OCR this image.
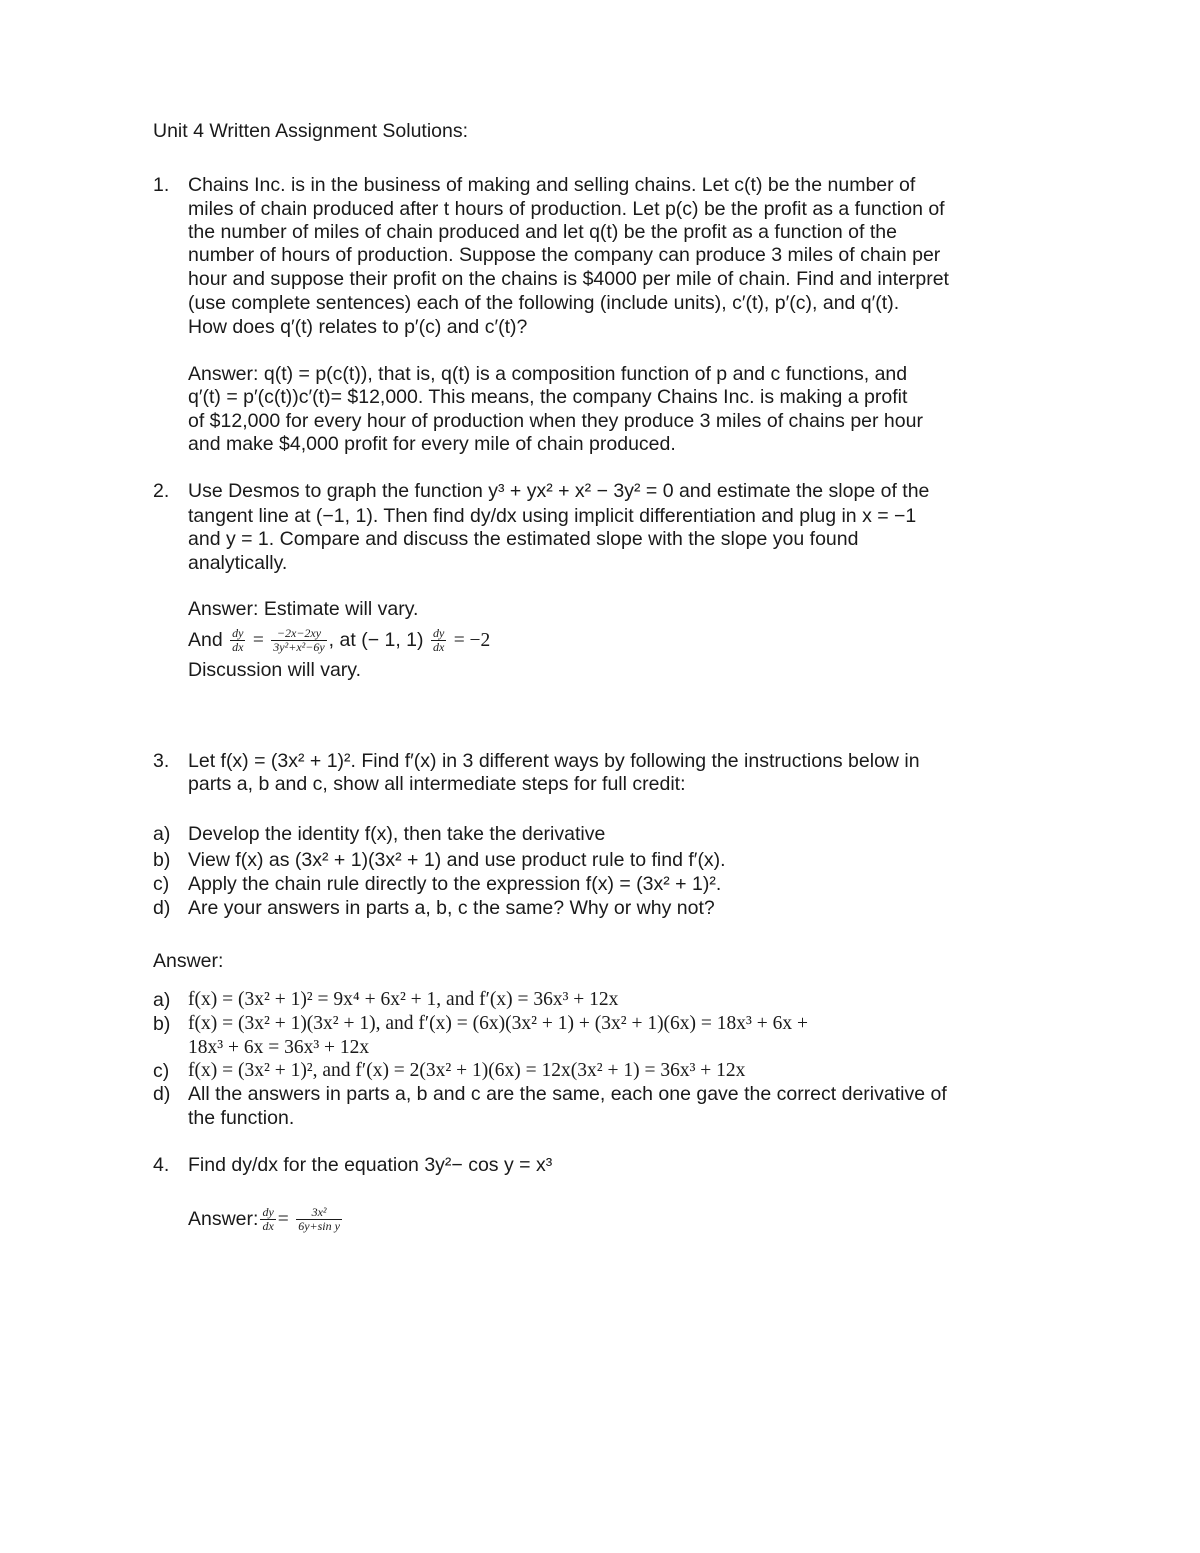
Unit 4 Written Assignment Solutions:
1. Chains Inc. is in the business of making and selling chains. Let c(t) be the number of
miles of chain produced after t hours of production. Let p(c) be the profit as a function of
the number of miles of chain produced and let q(t) be the profit as a function of the
number of hours of production. Suppose the company can produce 3 miles of chain per
hour and suppose their profit on the chains is $4000 per mile of chain. Find and interpret
(use complete sentences) each of the following (include units), c′(t), p′(c), and q′(t).
How does q′(t) relates to p′(c) and c′(t)?
Answer: q(t) = p(c(t)), that is, q(t) is a composition function of p and c functions, and
q′(t) = p′(c(t))c′(t)= $12,000. This means, the company Chains Inc. is making a profit
of $12,000 for every hour of production when they produce 3 miles of chains per hour
and make $4,000 profit for every mile of chain produced.
2. Use Desmos to graph the function y³ + yx² + x² − 3y² = 0 and estimate the slope of the
tangent line at (−1, 1). Then find dy/dx using implicit differentiation and plug in x = −1
and y = 1. Compare and discuss the estimated slope with the slope you found
analytically.
Answer: Estimate will vary.
And $\frac{dy}{dx} = \frac{-2x-2xy}{\text{3y²+x²−6y}}$ , at (− 1, $1) \frac{dy}{dx} = -2$
Discussion will vary.
3. Let f(x) = (3x² + 1)². Find f′(x) in 3 different ways by following the instructions below in
parts a, b and c, show all intermediate steps for full credit:
a) Develop the identity f(x), then take the derivative
b) View f(x) as (3x² + 1)(3x² + 1) and use product rule to find f′(x).
c) Apply the chain rule directly to the expression f(x) = (3x² + 1)².
d) Are your answers in parts a, b, c the same? Why or why not?
Answer:
a) f(x) = (3x² + 1)² = 9x⁴ + 6x² + 1, and f′(x) = 36x³ + 12x
b) f(x) = (3x² + 1)(3x² + 1), and f′(x) = (6x)(3x² + 1) + (3x² + 1)(6x) = 18x³ + 6x +
18x³ + 6x = 36x³ + 12x
c) f(x) = (3x² + 1)², and f′(x) = 2(3x² + 1)(6x) = 12x(3x² + 1) = 36x³ + 12x
d) All the answers in parts a, b and c are the same, each one gave the correct derivative of
the function.
4. Find dy/dx for the equation 3y²− cos y = x³
Answer: $\frac{dy}{dx} = \frac{\text{3x²}}{\text{6y+sin y}}$
